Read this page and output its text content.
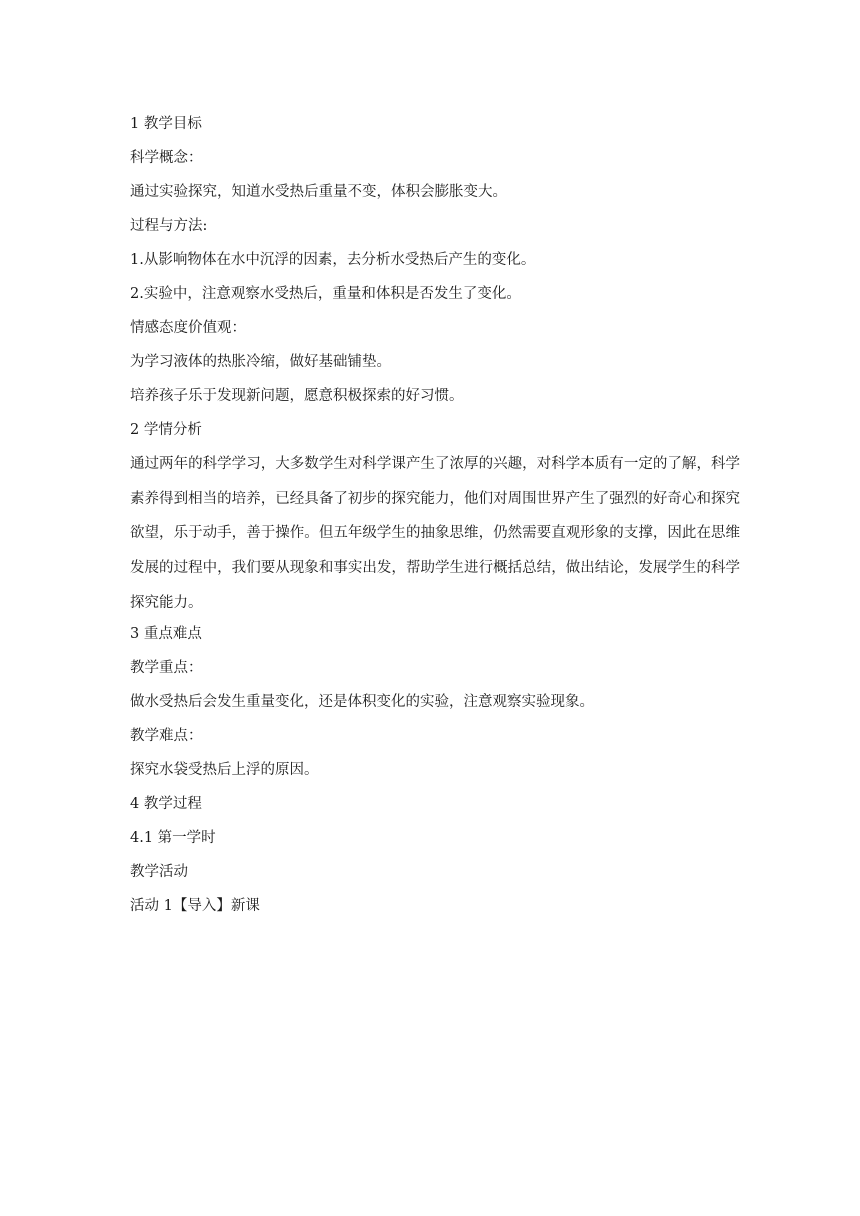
1 教学目标
科学概念：
通过实验探究，知道水受热后重量不变，体积会膨胀变大。
过程与方法:
1.从影响物体在水中沉浮的因素，去分析水受热后产生的变化。
2.实验中，注意观察水受热后，重量和体积是否发生了变化。
情感态度价值观：
为学习液体的热胀冷缩，做好基础铺垫。
培养孩子乐于发现新问题，愿意积极探索的好习惯。
2 学情分析
通过两年的科学学习，大多数学生对科学课产生了浓厚的兴趣，对科学本质有一定的了解，科学素养得到相当的培养，已经具备了初步的探究能力，他们对周围世界产生了强烈的好奇心和探究欲望，乐于动手，善于操作。但五年级学生的抽象思维，仍然需要直观形象的支撑，因此在思维发展的过程中，我们要从现象和事实出发，帮助学生进行概括总结，做出结论，发展学生的科学探究能力。
3 重点难点
教学重点：
做水受热后会发生重量变化，还是体积变化的实验，注意观察实验现象。
教学难点：
探究水袋受热后上浮的原因。
4 教学过程
4.1 第一学时
教学活动
活动 1【导入】新课
